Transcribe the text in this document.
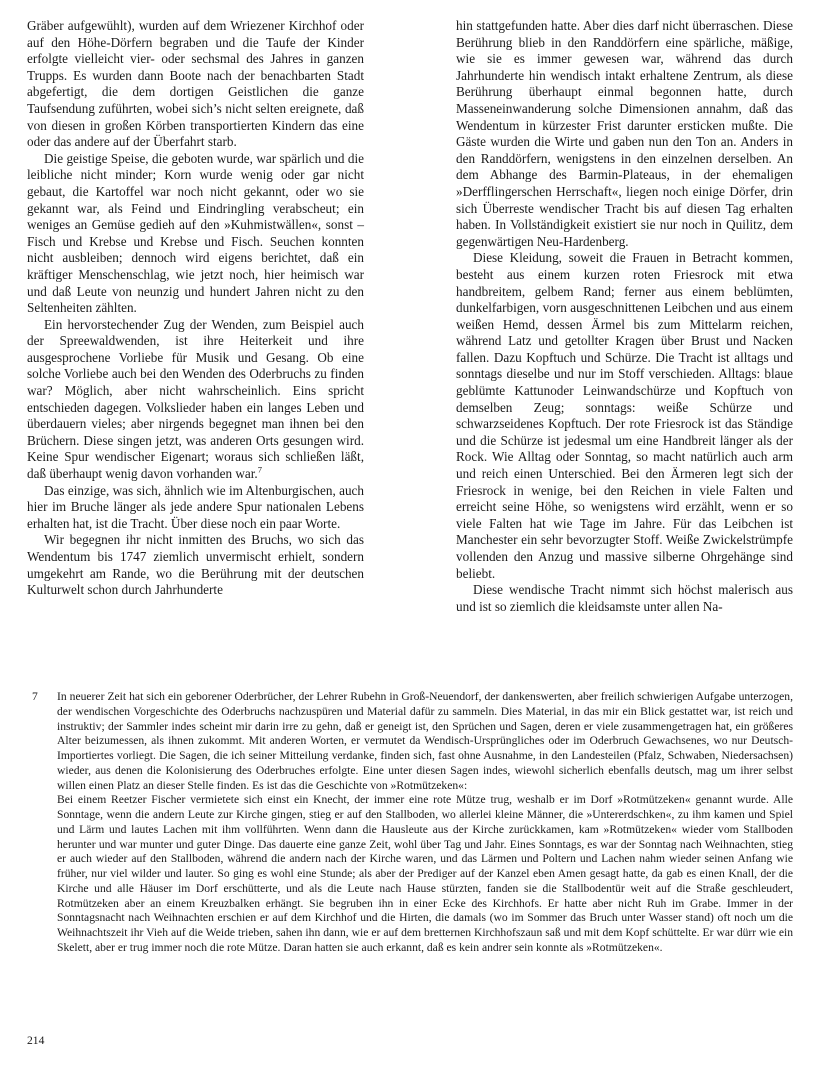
Gräber aufgewühlt), wurden auf dem Wriezener Kirchhof oder auf den Höhe-Dörfern begraben und die Taufe der Kinder erfolgte vielleicht vier- oder sechsmal des Jahres in ganzen Trupps. Es wurden dann Boote nach der benachbarten Stadt abgefertigt, die dem dortigen Geistlichen die ganze Taufsendung zuführten, wobei sich’s nicht selten ereignete, daß von diesen in großen Körben transportierten Kindern das eine oder das andere auf der Überfahrt starb.

Die geistige Speise, die geboten wurde, war spärlich und die leibliche nicht minder; Korn wurde wenig oder gar nicht gebaut, die Kartoffel war noch nicht gekannt, oder wo sie gekannt war, als Feind und Eindringling verabscheut; ein weniges an Gemüse gedieh auf den »Kuhmistwällen«, sonst – Fisch und Krebse und Krebse und Fisch. Seuchen konnten nicht ausbleiben; dennoch wird eigens berichtet, daß ein kräftiger Menschenschlag, wie jetzt noch, hier heimisch war und daß Leute von neunzig und hundert Jahren nicht zu den Seltenheiten zählten.

Ein hervorstechender Zug der Wenden, zum Beispiel auch der Spreewaldwenden, ist ihre Heiterkeit und ihre ausgesprochene Vorliebe für Musik und Gesang. Ob eine solche Vorliebe auch bei den Wenden des Oderbruchs zu finden war? Möglich, aber nicht wahrscheinlich. Eins spricht entschieden dagegen. Volkslieder haben ein langes Leben und überdauern vieles; aber nirgends begegnet man ihnen bei den Brüchern. Diese singen jetzt, was anderen Orts gesungen wird. Keine Spur wendischer Eigenart; woraus sich schließen läßt, daß überhaupt wenig davon vorhanden war.$^7$

Das einzige, was sich, ähnlich wie im Altenburgischen, auch hier im Bruche länger als jede andere Spur nationalen Lebens erhalten hat, ist die Tracht. Über diese noch ein paar Worte.

Wir begegnen ihr nicht inmitten des Bruchs, wo sich das Wendentum bis 1747 ziemlich unvermischt erhielt, sondern umgekehrt am Rande, wo die Berührung mit der deutschen Kulturwelt schon durch Jahrhunderte

hin stattgefunden hatte. Aber dies darf nicht überraschen. Diese Berührung blieb in den Randdörfern eine spärliche, mäßige, wie sie es immer gewesen war, während das durch Jahrhunderte hin wendisch intakt erhaltene Zentrum, als diese Berührung überhaupt einmal begonnen hatte, durch Masseneinwanderung solche Dimensionen annahm, daß das Wendentum in kürzester Frist darunter ersticken mußte. Die Gäste wurden die Wirte und gaben nun den Ton an. Anders in den Randdörfern, wenigstens in den einzelnen derselben. An dem Abhange des Barmin-Plateaus, in der ehemaligen »Derfflingerschen Herrschaft«, liegen noch einige Dörfer, drin sich Überreste wendischer Tracht bis auf diesen Tag erhalten haben. In Vollständigkeit existiert sie nur noch in Quilitz, dem gegenwärtigen Neu-Hardenberg.

Diese Kleidung, soweit die Frauen in Betracht kommen, besteht aus einem kurzen roten Friesrock mit etwa handbreitem, gelbem Rand; ferner aus einem beblümten, dunkelfarbigen, vorn ausgeschnittenen Leibchen und aus einem weißen Hemd, dessen Ärmel bis zum Mittelarm reichen, während Latz und getollter Kragen über Brust und Nacken fallen. Dazu Kopftuch und Schürze. Die Tracht ist alltags und sonntags dieselbe und nur im Stoff verschieden. Alltags: blaue geblümte Kattunoder Leinwandschürze und Kopftuch von demselben Zeug; sonntags: weiße Schürze und schwarzseidenes Kopftuch. Der rote Friesrock ist das Ständige und die Schürze ist jedesmal um eine Handbreit länger als der Rock. Wie Alltag oder Sonntag, so macht natürlich auch arm und reich einen Unterschied. Bei den Ärmeren legt sich der Friesrock in wenige, bei den Reichen in viele Falten und erreicht seine Höhe, so wenigstens wird erzählt, wenn er so viele Falten hat wie Tage im Jahre. Für das Leibchen ist Manchester ein sehr bevorzugter Stoff. Weiße Zwickelstrümpfe vollenden den Anzug und massive silberne Ohrgehänge sind beliebt.

Diese wendische Tracht nimmt sich höchst malerisch aus und ist so ziemlich die kleidsamste unter allen Na-

7 In neuerer Zeit hat sich ein geborener Oderbrücher, der Lehrer Rubehn in Groß-Neuendorf, der dankenswerten, aber freilich schwierigen Aufgabe unterzogen, der wendischen Vorgeschichte des Oderbruchs nachzuspüren und Material dafür zu sammeln. Dies Material, in das mir ein Blick gestattet war, ist reich und instruktiv; der Sammler indes scheint mir darin irre zu gehn, daß er geneigt ist, den Sprüchen und Sagen, deren er viele zusammengetragen hat, ein größeres Alter beizumessen, als ihnen zukommt. Mit anderen Worten, er vermutet da Wendisch-Ursprüngliches oder im Oderbruch Gewachsenes, wo nur Deutsch-Importiertes vorliegt. Die Sagen, die ich seiner Mitteilung verdanke, finden sich, fast ohne Ausnahme, in den Landesteilen (Pfalz, Schwaben, Niedersachsen) wieder, aus denen die Kolonisierung des Oderbruches erfolgte. Eine unter diesen Sagen indes, wiewohl sicherlich ebenfalls deutsch, mag um ihrer selbst willen einen Platz an dieser Stelle finden. Es ist das die Geschichte von »Rotmützeken«:

Bei einem Reetzer Fischer vermietete sich einst ein Knecht, der immer eine rote Mütze trug, weshalb er im Dorf »Rotmützeken« genannt wurde. Alle Sonntage, wenn die andern Leute zur Kirche gingen, stieg er auf den Stallboden, wo allerlei kleine Männer, die »Untererdschken«, zu ihm kamen und Spiel und Lärm und lautes Lachen mit ihm vollführten. Wenn dann die Hausleute aus der Kirche zurückkamen, kam »Rotmützeken« wieder vom Stallboden herunter und war munter und guter Dinge. Das dauerte eine ganze Zeit, wohl über Tag und Jahr. Eines Sonntags, es war der Sonntag nach Weihnachten, stieg er auch wieder auf den Stallboden, während die andern nach der Kirche waren, und das Lärmen und Poltern und Lachen nahm wieder seinen Anfang wie früher, nur viel wilder und lauter. So ging es wohl eine Stunde; als aber der Prediger auf der Kanzel eben Amen gesagt hatte, da gab es einen Knall, der die Kirche und alle Häuser im Dorf erschütterte, und als die Leute nach Hause stürzten, fanden sie die Stallbodentür weit auf die Straße geschleudert, Rotmützeken aber an einem Kreuzbalken erhängt. Sie begruben ihn in einer Ecke des Kirchhofs. Er hatte aber nicht Ruh im Grabe. Immer in der Sonntagsnacht nach Weihnachten erschien er auf dem Kirchhof und die Hirten, die damals (wo im Sommer das Bruch unter Wasser stand) oft noch um die Weihnachtszeit ihr Vieh auf die Weide trieben, sahen ihn dann, wie er auf dem bretternen Kirchhofszaun saß und mit dem Kopf schüttelte. Er war dürr wie ein Skelett, aber er trug immer noch die rote Mütze. Daran hatten sie auch erkannt, daß es kein andrer sein konnte als »Rotmützeken«.

214
